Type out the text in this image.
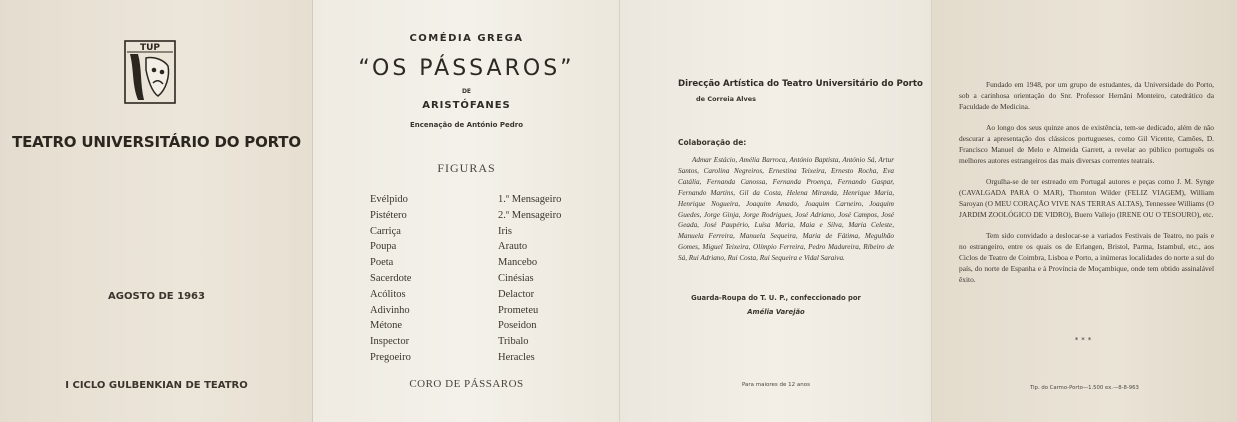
TUP
TEATRO UNIVERSITÁRIO DO PORTO
AGOSTO DE 1963
I CICLO GULBENKIAN DE TEATRO
COMÉDIA GREGA
“OS PÁSSAROS”
DE
ARISTÓFANES
Encenação de António Pedro
FIGURAS
Evélpido
Pistétero
Carriça
Poupa
Poeta
Sacerdote
Acólitos
Adivinho
Métone
Inspector
Pregoeiro
1.º Mensageiro
2.º Mensageiro
Iris
Arauto
Mancebo
Cinésias
Delactor
Prometeu
Poseidon
Tribalo
Heracles
CORO DE PÁSSAROS
Direcção Artística do Teatro Universitário do Porto
de Correia Alves
Colaboração de:
Admar Estácio, Amélia Barroca, António Baptista, António Sá, Artur Santos, Carolina Negreiros, Ernestina Teixeira, Ernesto Rocha, Eva Catália, Fernanda Canossa, Fernanda Proença, Fernando Gaspar, Fernando Martins, Gil da Costa, Helena Miranda, Henrique Maria, Henrique Nogueira, Joaquim Amado, Joaquim Carneiro, Joaquim Guedes, Jorge Ginja, Jorge Rodrigues, José Adriano, José Campos, José Geada, José Paupério, Luísa Maria, Maia e Silva, Maria Celeste, Manuela Ferreira, Manuela Sequeira, Maria de Fátima, Megulhão Gomes, Miguel Teixeira, Olímpio Ferreira, Pedro Madureira, Ribeiro de Sá, Rui Adriano, Rui Costa, Rui Sequeira e Vidal Saraiva.
Guarda-Roupa do T. U. P., confeccionado por
Amélia Varejão
Para maiores de 12 anos

Fundado em 1948, por um grupo de estudantes, da Universidade do Porto, sob a carinhosa orientação do Snr. Professor Hernâni Monteiro, catedrático da Faculdade de Medicina.

Ao longo dos seus quinze anos de existência, tem-se dedicado, além de não descurar a apresentação dos clássicos portugueses, como Gil Vicente, Camões, D. Francisco Manuel de Melo e Almeida Garrett, a revelar ao público português os melhores autores estrangeiros das mais diversas correntes teatrais.

Orgulha-se de ter estreado em Portugal autores e peças como J. M. Synge (CAVALGADA PARA O MAR), Thornton Wilder (FELIZ VIAGEM), William Saroyan (O MEU CORAÇÃO VIVE NAS TERRAS ALTAS), Tennessee Williams (O JARDIM ZOOLÓGICO DE VIDRO), Buero Vallejo (IRENE OU O TESOURO), etc.

Tem sido convidado a deslocar-se a variados Festivais de Teatro, no país e no estrangeiro, entre os quais os de Erlangen, Bristol, Parma, Istambul, etc., aos Ciclos de Teatro de Coimbra, Lisboa e Porto, a inúmeras localidades do norte a sul do país, do norte de Espanha e à Província de Moçambique, onde tem obtido assinalável êxito.

***
Tip. do Carmo-Porto—1.500 ex.—8-8-963
